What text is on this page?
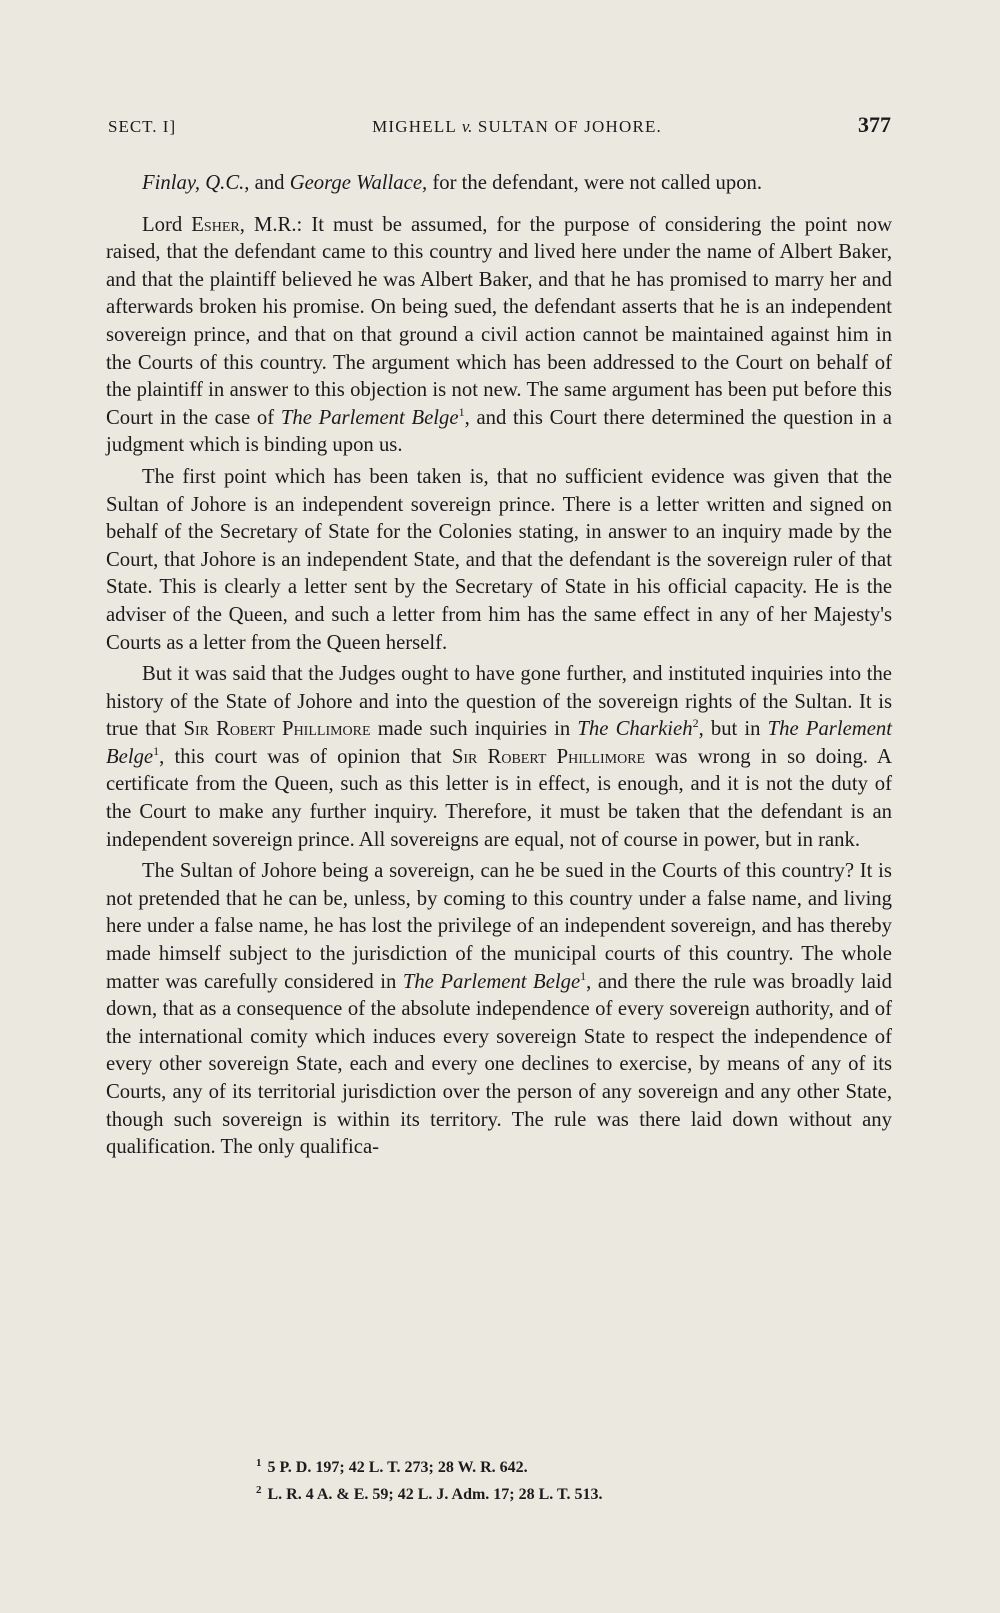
SECT. I]	MIGHELL v. SULTAN OF JOHORE.	377

Finlay, Q.C., and George Wallace, for the defendant, were not called upon.

Lord Esher, M.R.: It must be assumed, for the purpose of considering the point now raised, that the defendant came to this country and lived here under the name of Albert Baker, and that the plaintiff believed he was Albert Baker, and that he has promised to marry her and afterwards broken his promise. On being sued, the defendant asserts that he is an independent sovereign prince, and that on that ground a civil action cannot be maintained against him in the Courts of this country. The argument which has been addressed to the Court on behalf of the plaintiff in answer to this objection is not new. The same argument has been put before this Court in the case of The Parlement Belge$^1$, and this Court there determined the question in a judgment which is binding upon us.

The first point which has been taken is, that no sufficient evidence was given that the Sultan of Johore is an independent sovereign prince. There is a letter written and signed on behalf of the Secretary of State for the Colonies stating, in answer to an inquiry made by the Court, that Johore is an independent State, and that the defendant is the sovereign ruler of that State. This is clearly a letter sent by the Secretary of State in his official capacity. He is the adviser of the Queen, and such a letter from him has the same effect in any of her Majesty's Courts as a letter from the Queen herself.

But it was said that the Judges ought to have gone further, and instituted inquiries into the history of the State of Johore and into the question of the sovereign rights of the Sultan. It is true that Sir Robert Phillimore made such inquiries in The Charkieh$^2$, but in The Parlement Belge$^1$, this court was of opinion that Sir Robert Phillimore was wrong in so doing. A certificate from the Queen, such as this letter is in effect, is enough, and it is not the duty of the Court to make any further inquiry. Therefore, it must be taken that the defendant is an independent sovereign prince. All sovereigns are equal, not of course in power, but in rank.

The Sultan of Johore being a sovereign, can he be sued in the Courts of this country? It is not pretended that he can be, unless, by coming to this country under a false name, and living here under a false name, he has lost the privilege of an independent sovereign, and has thereby made himself subject to the jurisdiction of the municipal courts of this country. The whole matter was carefully considered in The Parlement Belge$^1$, and there the rule was broadly laid down, that as a consequence of the absolute independence of every sovereign authority, and of the international comity which induces every sovereign State to respect the independence of every other sovereign State, each and every one declines to exercise, by means of any of its Courts, any of its territorial jurisdiction over the person of any sovereign and any other State, though such sovereign is within its territory. The rule was there laid down without any qualification. The only qualifica-

$^1$ 5 P. D. 197; 42 L. T. 273; 28 W. R. 642.
$^2$ L. R. 4 A. & E. 59; 42 L. J. Adm. 17; 28 L. T. 513.
